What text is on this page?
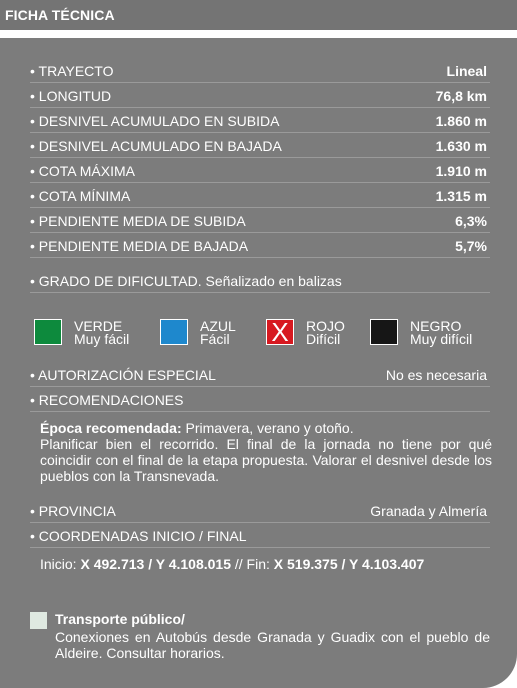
FICHA TÉCNICA
• TRAYECTO	Lineal
• LONGITUD	76,8 km
• DESNIVEL ACUMULADO EN SUBIDA	1.860 m
• DESNIVEL ACUMULADO EN BAJADA	1.630 m
• COTA MÁXIMA	1.910 m
• COTA MÍNIMA	1.315 m
• PENDIENTE MEDIA DE SUBIDA	6,3%
• PENDIENTE MEDIA DE BAJADA	5,7%
• GRADO DE DIFICULTAD. Señalizado en balizas
VERDE
Muy fácil
AZUL
Fácil X	ROJO
Difícil
NEGRO
Muy difícil
• AUTORIZACIÓN ESPECIAL	No es necesaria
• RECOMENDACIONES
Época recomendada: Primavera, verano y otoño.
Planificar bien el recorrido. El final de la jornada no tiene por qué coincidir con el final de la etapa propuesta. Valorar el desnivel desde los pueblos con la Transnevada.
• PROVINCIA	Granada y Almería
• COORDENADAS INICIO / FINAL
Inicio: X 492.713 / Y 4.108.015 // Fin: X 519.375 / Y 4.103.407
Transporte público/
Conexiones en Autobús desde Granada y Guadix con el pueblo de Aldeire. Consultar horarios.
